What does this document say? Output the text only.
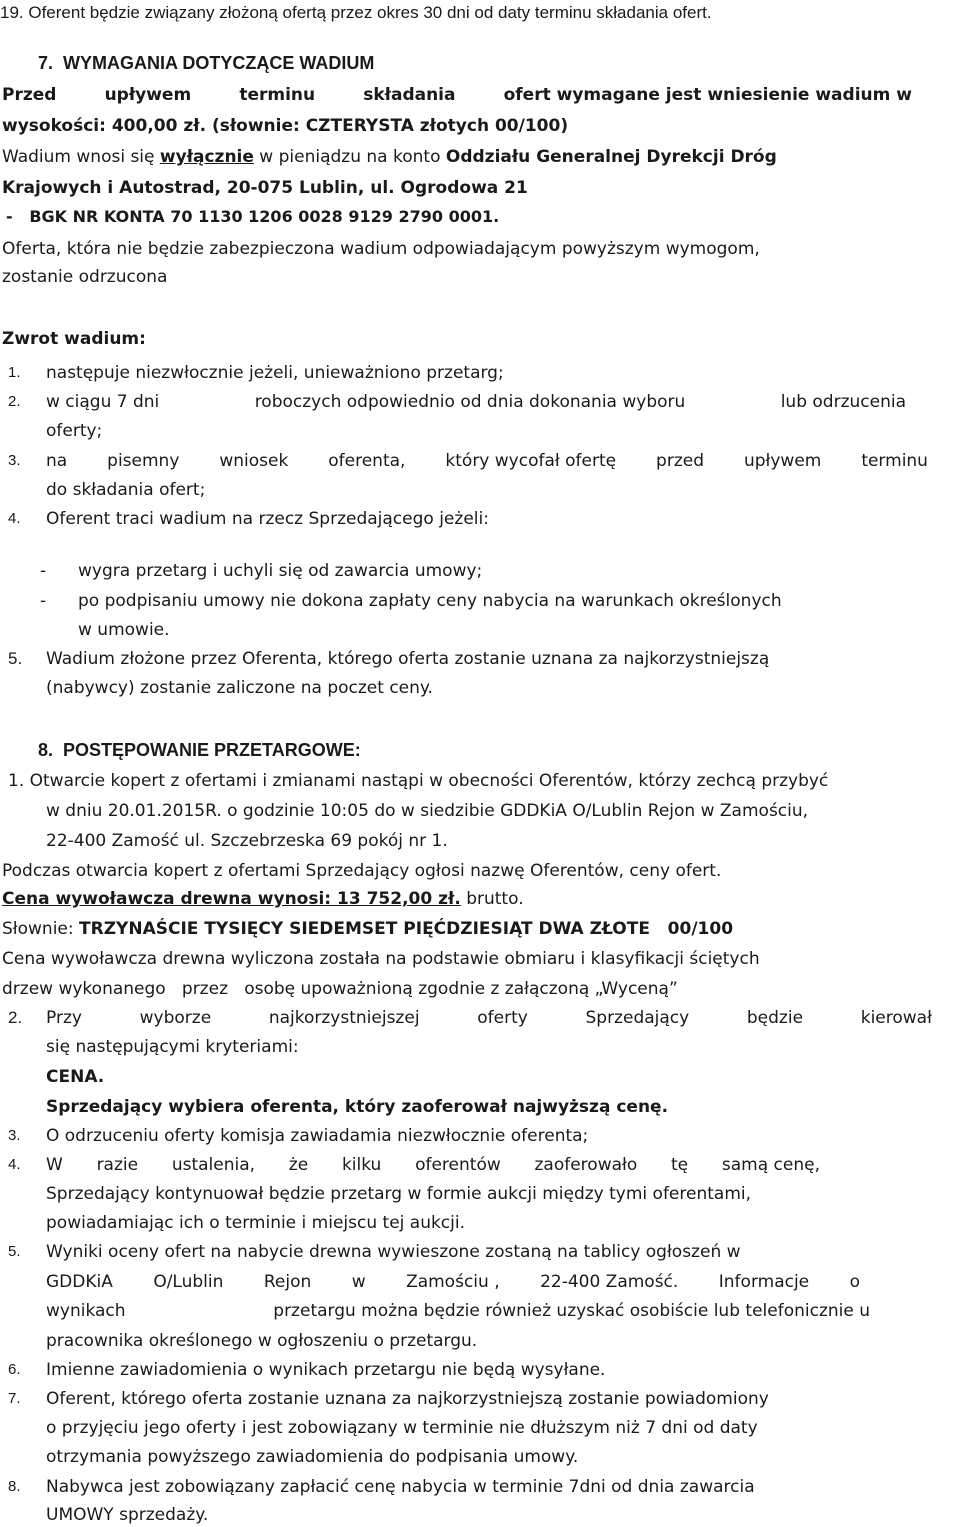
19. Oferent będzie związany złożoną ofertą przez okres 30 dni od daty terminu składania ofert.
7.  WYMAGANIA DOTYCZĄCE WADIUM
Przed	upływem	terminu	składania	ofert wymagane jest wniesienie wadium w
wysokości: 400,00 zł. (słownie: CZTERYSTA złotych 00/100)
Wadium wnosi się wyłącznie w pieniądzu na konto Oddziału Generalnej Dyrekcji Dróg
Krajowych i Autostrad, 20-075 Lublin, ul. Ogrodowa 21
-   BGK NR KONTA 70 1130 1206 0028 9129 2790 0001.
Oferta, która nie będzie zabezpieczona wadium odpowiadającym powyższym wymogom,
zostanie odrzucona
Zwrot wadium:
1. następuje niezwłocznie jeżeli, unieważniono przetarg;
2. w ciągu 7 dni	roboczych odpowiednio od dnia dokonania wyboru	lub odrzucenia
oferty;
3. na pisemny wniosek oferenta, który wycofał ofertę przed upływem terminu
do składania ofert;
4. Oferent traci wadium na rzecz Sprzedającego jeżeli:
- wygra przetarg i uchyli się od zawarcia umowy;
- po podpisaniu umowy nie dokona zapłaty ceny nabycia na warunkach określonych
w umowie.
5. Wadium złożone przez Oferenta, którego oferta zostanie uznana za najkorzystniejszą
(nabywcy) zostanie zaliczone na poczet ceny.
8.  POSTĘPOWANIE PRZETARGOWE:
1. Otwarcie kopert z ofertami i zmianami nastąpi w obecności Oferentów, którzy zechcą przybyć
w dniu 20.01.2015R. o godzinie 10:05 do w siedzibie GDDKiA O/Lublin Rejon w Zamościu,
22-400 Zamość ul. Szczebrzeska 69 pokój nr 1.
Podczas otwarcia kopert z ofertami Sprzedający ogłosi nazwę Oferentów, ceny ofert.
Cena wywoławcza drewna wynosi: 13 752,00 zł. brutto.
Słownie: TRZYNAŚCIE TYSIĘCY SIEDEMSET PIĘĆDZIESIĄT DWA ZŁOTE   00/100
Cena wywoławcza drewna wyliczona została na podstawie obmiaru i klasyfikacji ściętych
drzew wykonanego   przez   osobę upoważnioną zgodnie z załączoną „Wyceną”
2. Przy	wyborze	najkorzystniejszej	oferty	Sprzedający	będzie	kierował
się następującymi kryteriami:
CENA.
Sprzedający wybiera oferenta, który zaoferował najwyższą cenę.
3. O odrzuceniu oferty komisja zawiadamia niezwłocznie oferenta;
4. W razie ustalenia, że kilku oferentów zaoferowało tę samą cenę,
Sprzedający kontynuował będzie przetarg w formie aukcji między tymi oferentami,
powiadamiając ich o terminie i miejscu tej aukcji.
5. Wyniki oceny ofert na nabycie drewna wywieszone zostaną na tablicy ogłoszeń w
GDDKiA O/Lublin Rejon w Zamościu , 22-400 Zamość. Informacje o
wynikach	przetargu można będzie również uzyskać osobiście lub telefonicznie u
pracownika określonego w ogłoszeniu o przetargu.
6. Imienne zawiadomienia o wynikach przetargu nie będą wysyłane.
7. Oferent, którego oferta zostanie uznana za najkorzystniejszą zostanie powiadomiony
o przyjęciu jego oferty i jest zobowiązany w terminie nie dłuższym niż 7 dni od daty
otrzymania powyższego zawiadomienia do podpisania umowy.
8. Nabywca jest zobowiązany zapłacić cenę nabycia w terminie 7dni od dnia zawarcia
UMOWY sprzedaży.
